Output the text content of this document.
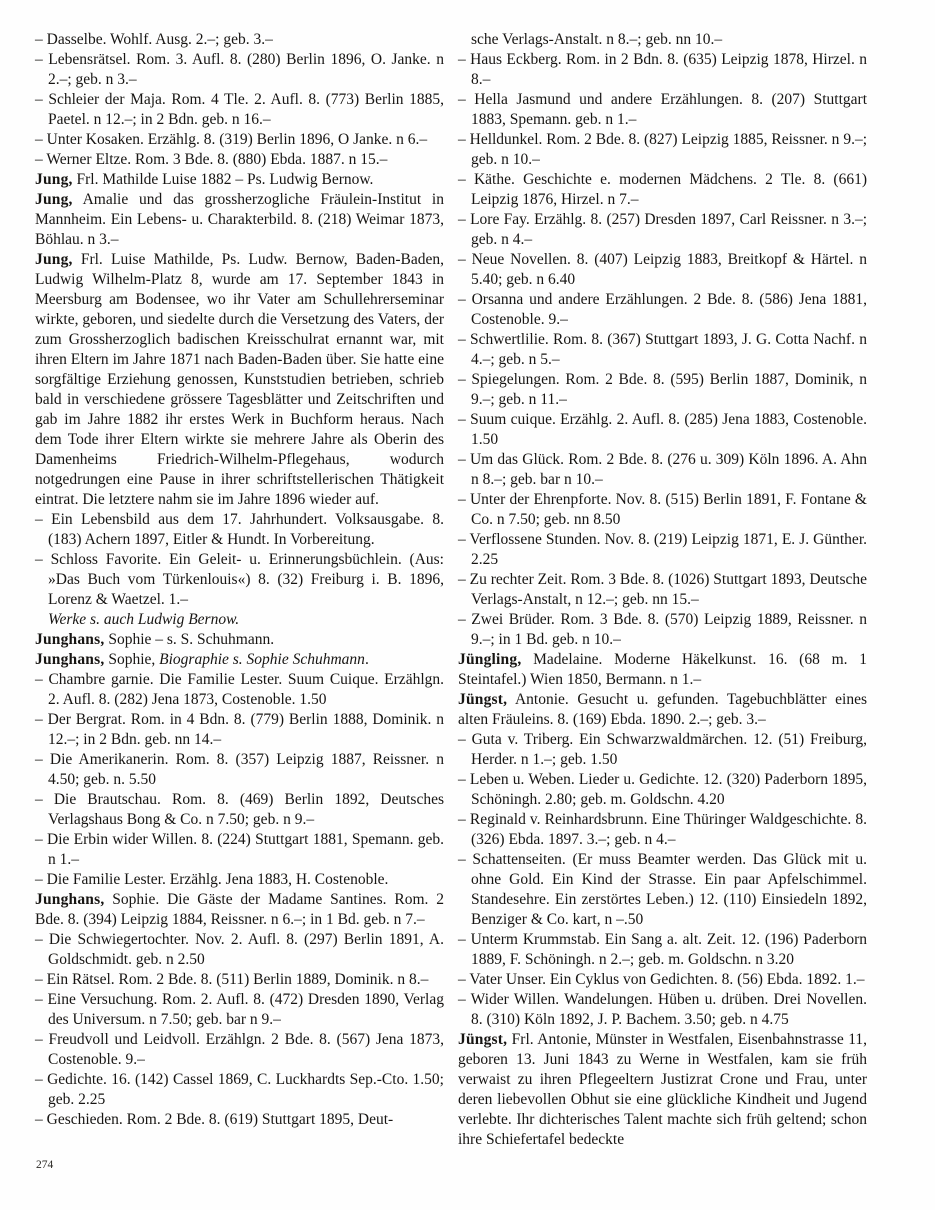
– Dasselbe. Wohlf. Ausg. 2.–; geb. 3.–

– Lebensrätsel. Rom. 3. Aufl. 8. (280) Berlin 1896, O. Janke. n 2.–; geb. n 3.–

– Schleier der Maja. Rom. 4 Tle. 2. Aufl. 8. (773) Berlin 1885, Paetel. n 12.–; in 2 Bdn. geb. n 16.–

– Unter Kosaken. Erzählg. 8. (319) Berlin 1896, O Janke. n 6.–

– Werner Eltze. Rom. 3 Bde. 8. (880) Ebda. 1887. n 15.–

Jung, Frl. Mathilde Luise 1882 – Ps. Ludwig Bernow.

Jung, Amalie und das grossherzogliche Fräulein-Institut in Mannheim. Ein Lebens- u. Charakterbild. 8. (218) Weimar 1873, Böhlau. n 3.–

Jung, Frl. Luise Mathilde, Ps. Ludw. Bernow, Baden-Baden, Ludwig Wilhelm-Platz 8, wurde am 17. September 1843 in Meersburg am Bodensee, wo ihr Vater am Schullehrerseminar wirkte, geboren, und siedelte durch die Versetzung des Vaters, der zum Grossherzoglich badischen Kreisschulrat ernannt war, mit ihren Eltern im Jahre 1871 nach Baden-Baden über. Sie hatte eine sorgfältige Erziehung genossen, Kunststudien betrieben, schrieb bald in verschiedene grössere Tagesblätter und Zeitschriften und gab im Jahre 1882 ihr erstes Werk in Buchform heraus. Nach dem Tode ihrer Eltern wirkte sie mehrere Jahre als Oberin des Damenheims Friedrich-Wilhelm-Pflegehaus, wodurch notgedrungen eine Pause in ihrer schriftstellerischen Thätigkeit eintrat. Die letztere nahm sie im Jahre 1896 wieder auf.

– Ein Lebensbild aus dem 17. Jahrhundert. Volksausgabe. 8. (183) Achern 1897, Eitler & Hundt. In Vorbereitung.

– Schloss Favorite. Ein Geleit- u. Erinnerungsbüchlein. (Aus: »Das Buch vom Türkenlouis«) 8. (32) Freiburg i. B. 1896, Lorenz & Waetzel. 1.–

Werke s. auch Ludwig Bernow.

Junghans, Sophie – s. S. Schuhmann.

Junghans, Sophie, Biographie s. Sophie Schuhmann.

– Chambre garnie. Die Familie Lester. Suum Cuique. Erzählgn. 2. Aufl. 8. (282) Jena 1873, Costenoble. 1.50

– Der Bergrat. Rom. in 4 Bdn. 8. (779) Berlin 1888, Dominik. n 12.–; in 2 Bdn. geb. nn 14.–

– Die Amerikanerin. Rom. 8. (357) Leipzig 1887, Reissner. n 4.50; geb. n. 5.50

– Die Brautschau. Rom. 8. (469) Berlin 1892, Deutsches Verlagshaus Bong & Co. n 7.50; geb. n 9.–

– Die Erbin wider Willen. 8. (224) Stuttgart 1881, Spemann. geb. n 1.–

– Die Familie Lester. Erzählg. Jena 1883, H. Costenoble.

Junghans, Sophie. Die Gäste der Madame Santines. Rom. 2 Bde. 8. (394) Leipzig 1884, Reissner. n 6.–; in 1 Bd. geb. n 7.–

– Die Schwiegertochter. Nov. 2. Aufl. 8. (297) Berlin 1891, A. Goldschmidt. geb. n 2.50

– Ein Rätsel. Rom. 2 Bde. 8. (511) Berlin 1889, Dominik. n 8.–

– Eine Versuchung. Rom. 2. Aufl. 8. (472) Dresden 1890, Verlag des Universum. n 7.50; geb. bar n 9.–

– Freudvoll und Leidvoll. Erzählgn. 2 Bde. 8. (567) Jena 1873, Costenoble. 9.–

– Gedichte. 16. (142) Cassel 1869, C. Luckhardts Sep.-Cto. 1.50; geb. 2.25

– Geschieden. Rom. 2 Bde. 8. (619) Stuttgart 1895, Deut-

sche Verlags-Anstalt. n 8.–; geb. nn 10.–

– Haus Eckberg. Rom. in 2 Bdn. 8. (635) Leipzig 1878, Hirzel. n 8.–

– Hella Jasmund und andere Erzählungen. 8. (207) Stuttgart 1883, Spemann. geb. n 1.–

– Helldunkel. Rom. 2 Bde. 8. (827) Leipzig 1885, Reissner. n 9.–; geb. n 10.–

– Käthe. Geschichte e. modernen Mädchens. 2 Tle. 8. (661) Leipzig 1876, Hirzel. n 7.–

– Lore Fay. Erzählg. 8. (257) Dresden 1897, Carl Reissner. n 3.–; geb. n 4.–

– Neue Novellen. 8. (407) Leipzig 1883, Breitkopf & Härtel. n 5.40; geb. n 6.40

– Orsanna und andere Erzählungen. 2 Bde. 8. (586) Jena 1881, Costenoble. 9.–

– Schwertlilie. Rom. 8. (367) Stuttgart 1893, J. G. Cotta Nachf. n 4.–; geb. n 5.–

– Spiegelungen. Rom. 2 Bde. 8. (595) Berlin 1887, Dominik, n 9.–; geb. n 11.–

– Suum cuique. Erzählg. 2. Aufl. 8. (285) Jena 1883, Costenoble. 1.50

– Um das Glück. Rom. 2 Bde. 8. (276 u. 309) Köln 1896. A. Ahn n 8.–; geb. bar n 10.–

– Unter der Ehrenpforte. Nov. 8. (515) Berlin 1891, F. Fontane & Co. n 7.50; geb. nn 8.50

– Verflossene Stunden. Nov. 8. (219) Leipzig 1871, E. J. Günther. 2.25

– Zu rechter Zeit. Rom. 3 Bde. 8. (1026) Stuttgart 1893, Deutsche Verlags-Anstalt, n 12.–; geb. nn 15.–

– Zwei Brüder. Rom. 3 Bde. 8. (570) Leipzig 1889, Reissner. n 9.–; in 1 Bd. geb. n 10.–

Jüngling, Madelaine. Moderne Häkelkunst. 16. (68 m. 1 Steintafel.) Wien 1850, Bermann. n 1.–

Jüngst, Antonie. Gesucht u. gefunden. Tagebuchblätter eines alten Fräuleins. 8. (169) Ebda. 1890. 2.–; geb. 3.–

– Guta v. Triberg. Ein Schwarzwaldmärchen. 12. (51) Freiburg, Herder. n 1.–; geb. 1.50

– Leben u. Weben. Lieder u. Gedichte. 12. (320) Paderborn 1895, Schöningh. 2.80; geb. m. Goldschn. 4.20

– Reginald v. Reinhardsbrunn. Eine Thüringer Waldgeschichte. 8. (326) Ebda. 1897. 3.–; geb. n 4.–

– Schattenseiten. (Er muss Beamter werden. Das Glück mit u. ohne Gold. Ein Kind der Strasse. Ein paar Apfelschimmel. Standesehre. Ein zerstörtes Leben.) 12. (110) Einsiedeln 1892, Benziger & Co. kart, n –.50

– Unterm Krummstab. Ein Sang a. alt. Zeit. 12. (196) Paderborn 1889, F. Schöningh. n 2.–; geb. m. Goldschn. n 3.20

– Vater Unser. Ein Cyklus von Gedichten. 8. (56) Ebda. 1892. 1.–

– Wider Willen. Wandelungen. Hüben u. drüben. Drei Novellen. 8. (310) Köln 1892, J. P. Bachem. 3.50; geb. n 4.75

Jüngst, Frl. Antonie, Münster in Westfalen, Eisenbahnstrasse 11, geboren 13. Juni 1843 zu Werne in Westfalen, kam sie früh verwaist zu ihren Pflegeeltern Justizrat Crone und Frau, unter deren liebevollen Obhut sie eine glückliche Kindheit und Jugend verlebte. Ihr dichterisches Talent machte sich früh geltend; schon ihre Schiefertafel bedeckte

274
